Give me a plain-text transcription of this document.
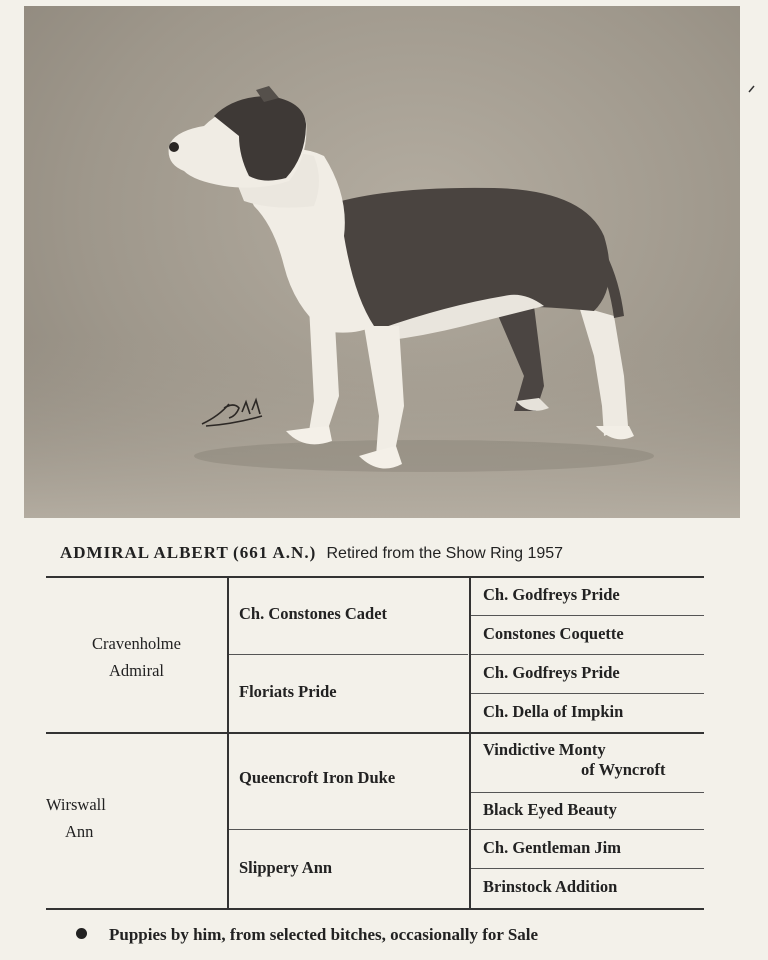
ADMIRAL ALBERT (661 A.N.) Retired from the Show Ring 1957
Cravenholme
Admiral
Wirswall
Ann
Ch. Constones Cadet
Floriats Pride
Queencroft Iron Duke
Slippery Ann
Ch. Godfreys Pride
Constones Coquette
Ch. Godfreys Pride
Ch. Della of Impkin
Vindictive Monty
of Wyncroft
Black Eyed Beauty
Ch. Gentleman Jim
Brinstock Addition
Puppies by him, from selected bitches, occasionally for Sale
